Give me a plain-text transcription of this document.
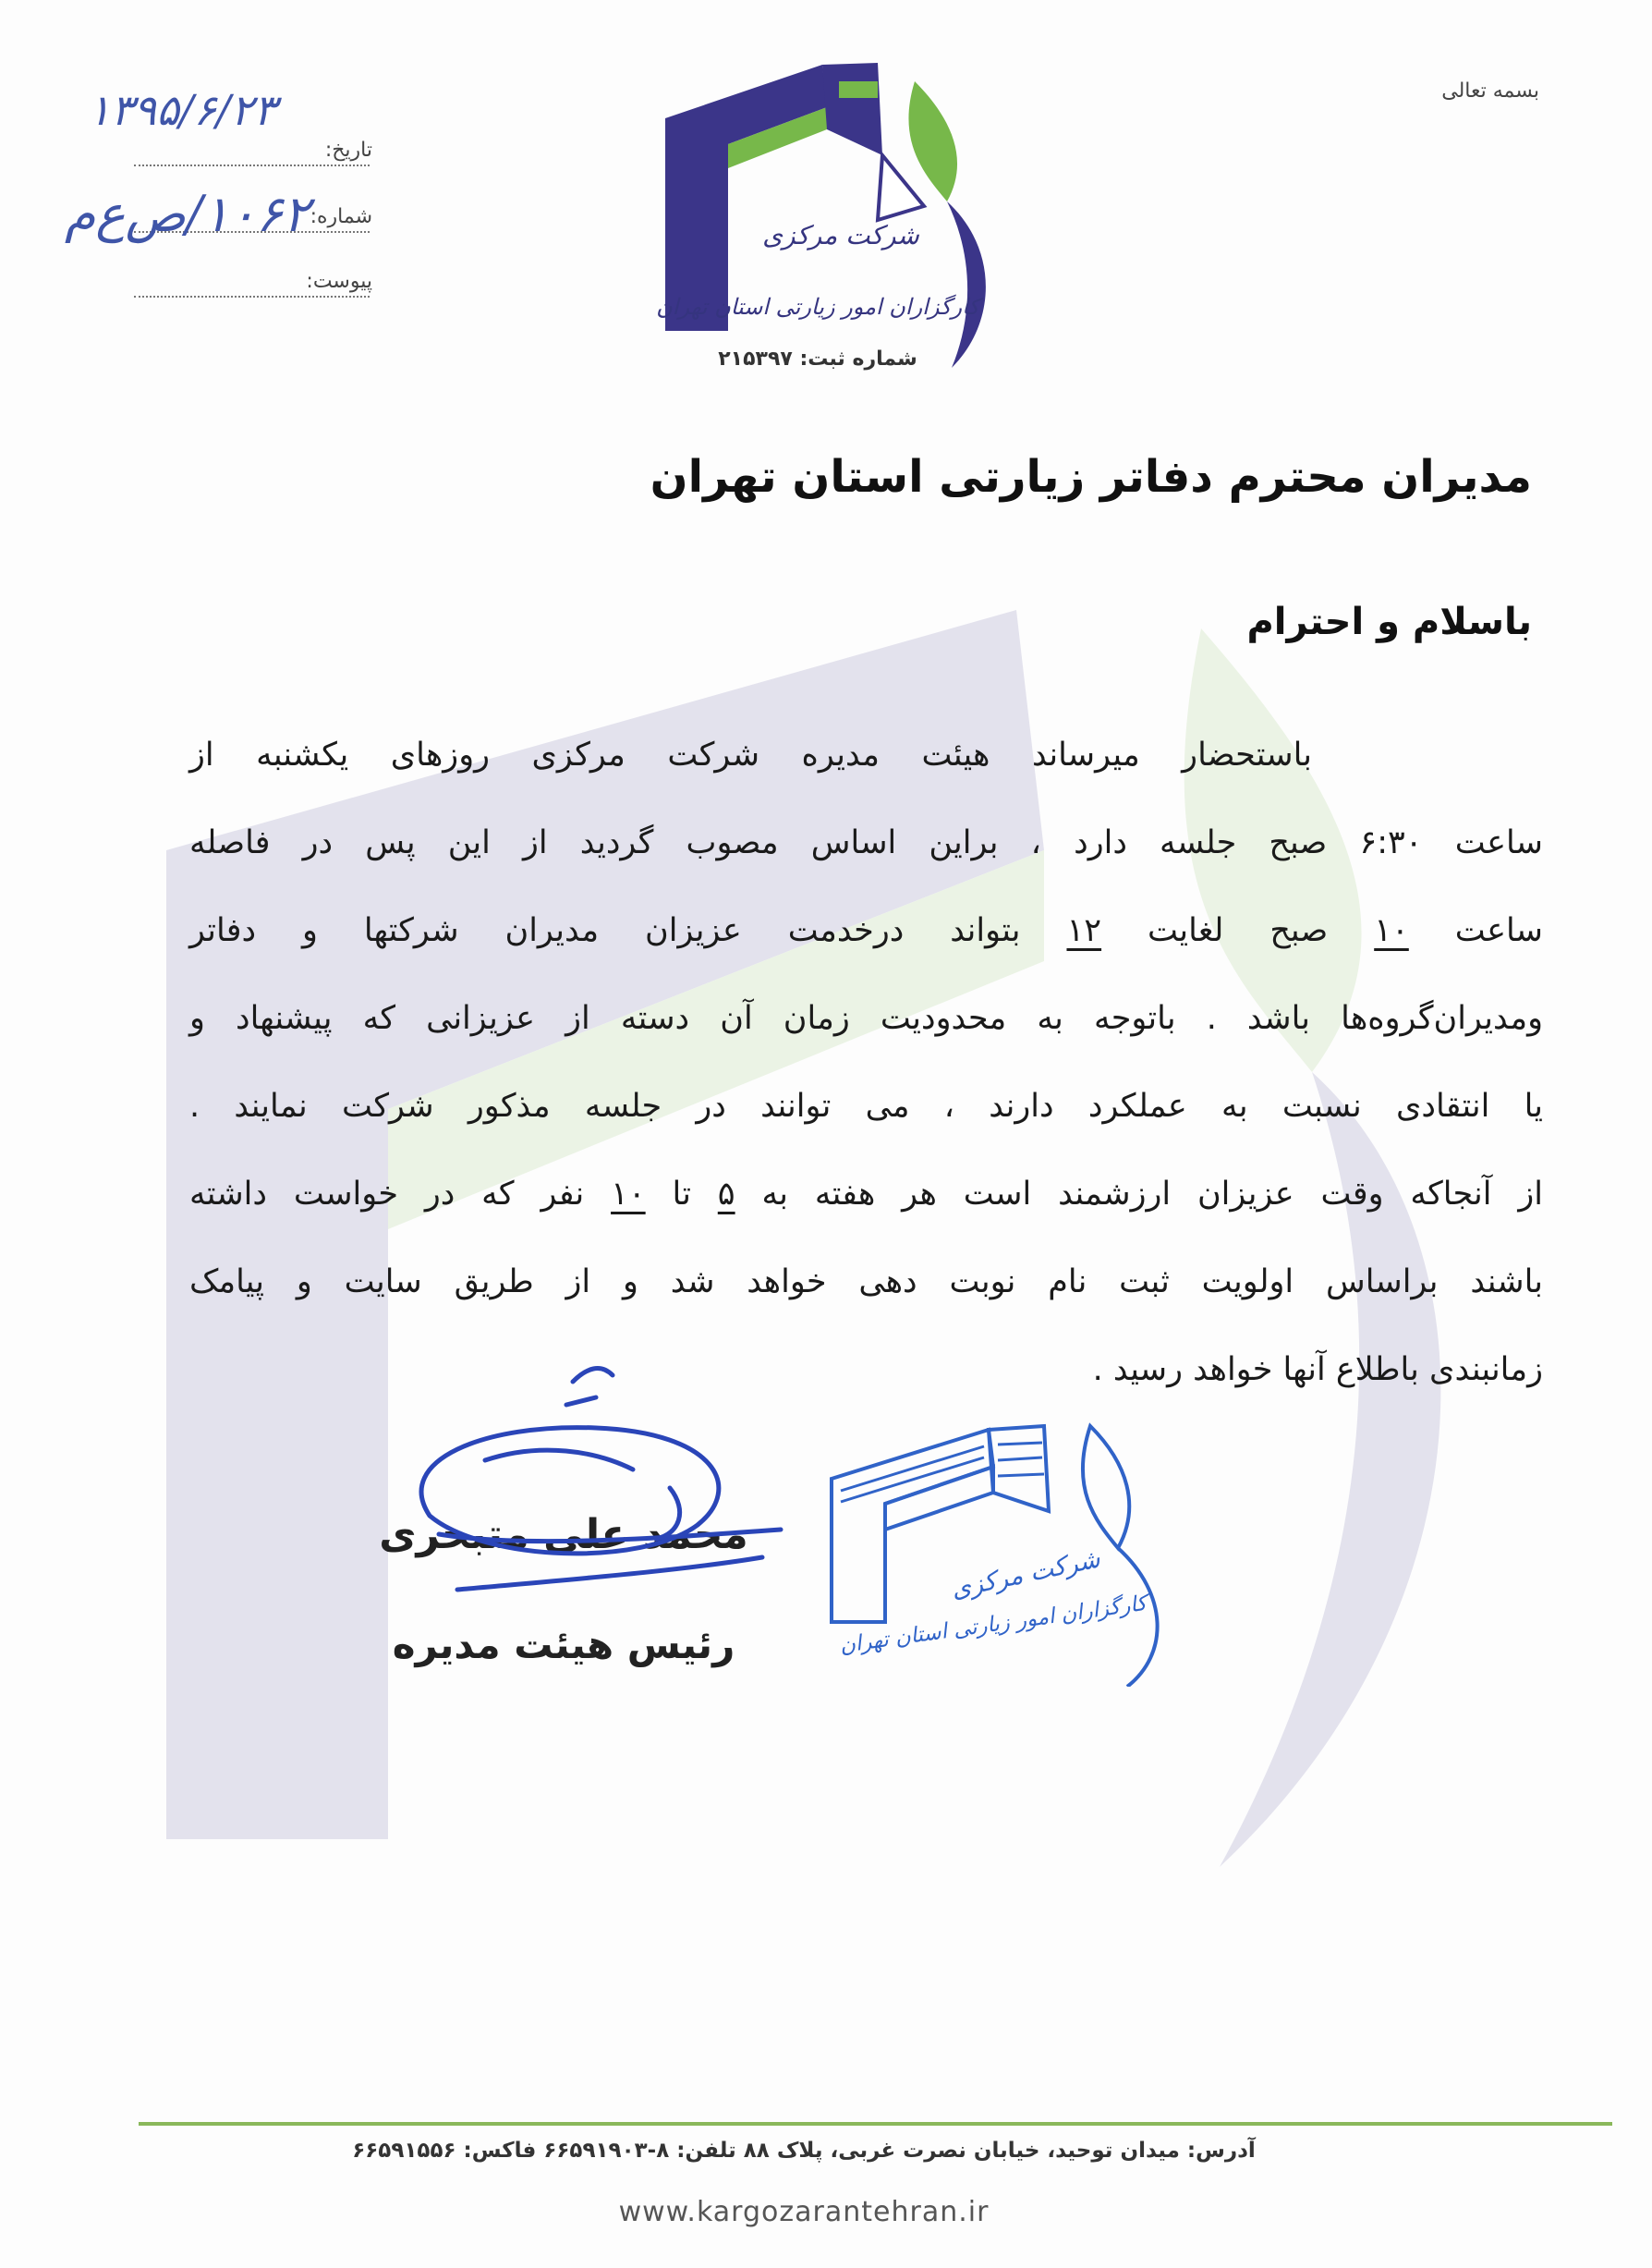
بسمه تعالی
شرکت مرکزی
کارگزاران امور زیارتی استان تهران
شماره ثبت: ۲۱۵۳۹۷
تاریخ:
۱۳۹۵/۶/۲۳
شماره:
۱۰۶۲/ص‌ع‌م
پیوست:
مدیران محترم دفاتر زیارتی استان تهران
باسلام و احترام
باستحضار میرساند هیئت مدیره شرکت مرکزی روزهای یکشنبه از
ساعت ۶:۳۰ صبح جلسه دارد ، براین اساس مصوب گردید از این پس در فاصله
ساعت ۱۰ صبح لغایت ۱۲ بتواند درخدمت عزیزان مدیران شرکتها و دفاتر
ومدیران‌گروه‌ها باشد . باتوجه به محدودیت زمان آن دسته از عزیزانی که پیشنهاد و
یا انتقادی نسبت به عملکرد دارند ، می توانند در جلسه مذکور شرکت نمایند .
از آنجاکه وقت عزیزان ارزشمند است هر هفته به ۵ تا ۱۰ نفر که در خواست داشته
باشند براساس اولویت ثبت نام نوبت دهی خواهد شد و از طریق سایت و پیامک
زمانبندی باطلاع آنها خواهد رسید .
محمد علی متبحری
رئیس هیئت مدیره
شرکت مرکزی
کارگزاران امور زیارتی استان تهران
آدرس: میدان توحید، خیابان نصرت غربی، پلاک ۸۸ تلفن: ۸-۶۶۵۹۱۹۰۳ فاکس: ۶۶۵۹۱۵۵۶
www.kargozarantehran.ir
